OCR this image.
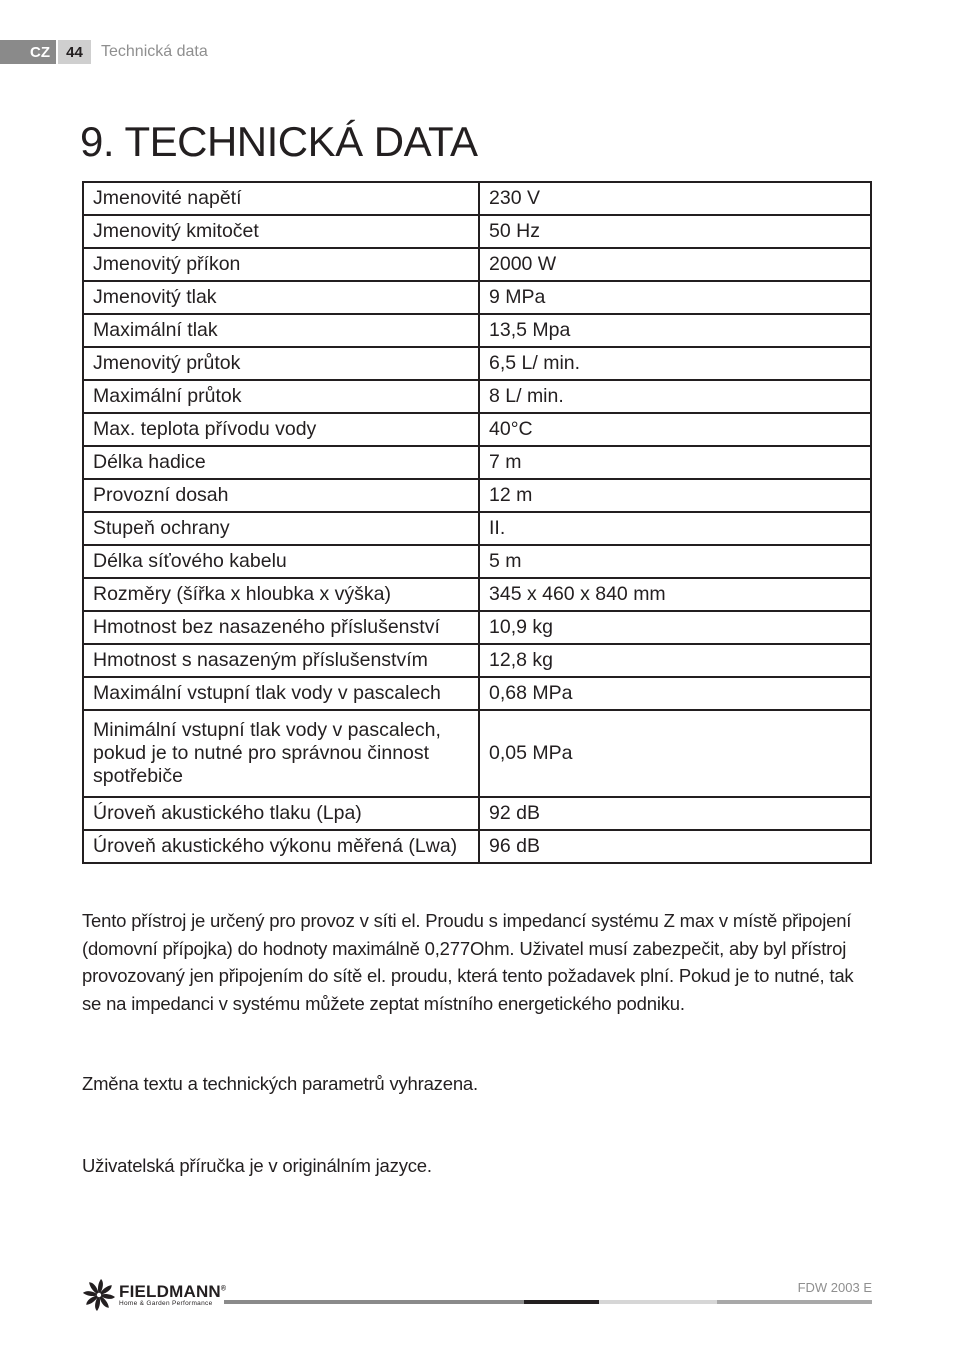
CZ	44	Technická data
9. TECHNICKÁ DATA
Jmenovité napětí	230 V
Jmenovitý kmitočet	50 Hz
Jmenovitý příkon	2000 W
Jmenovitý tlak	9 MPa
Maximální tlak	13,5 Mpa
Jmenovitý průtok	6,5 L/ min.
Maximální průtok	8 L/ min.
Max. teplota přívodu vody	40°C
Délka hadice	7 m
Provozní dosah	12 m
Stupeň ochrany	II.
Délka síťového kabelu	5 m
Rozměry (šířka x hloubka x výška)	345 x 460 x 840 mm
Hmotnost bez nasazeného příslušenství	10,9 kg
Hmotnost s nasazeným příslušenstvím	12,8 kg
Maximální vstupní tlak vody v pascalech	0,68 MPa
Minimální vstupní tlak vody v pascalech, pokud je to nutné pro správnou činnost spotřebiče	0,05 MPa
Úroveň akustického tlaku (Lpa)	92 dB
Úroveň akustického výkonu měřená (Lwa)	96 dB

Tento přístroj je určený pro provoz v síti el. Proudu s impedancí systému Z max v místě připojení (domovní přípojka) do hodnoty maximálně 0,277Ohm. Uživatel musí zabezpečit, aby byl přístroj provozovaný jen připojením do sítě el. proudu, která tento požadavek plní. Pokud je to nutné, tak se na impedanci v systému můžete zeptat místního energetického podniku.

Změna textu a technických parametrů vyhrazena.

Uživatelská příručka je v originálním jazyce.

FIELDMANN®
Home & Garden Performance
FDW 2003 E
